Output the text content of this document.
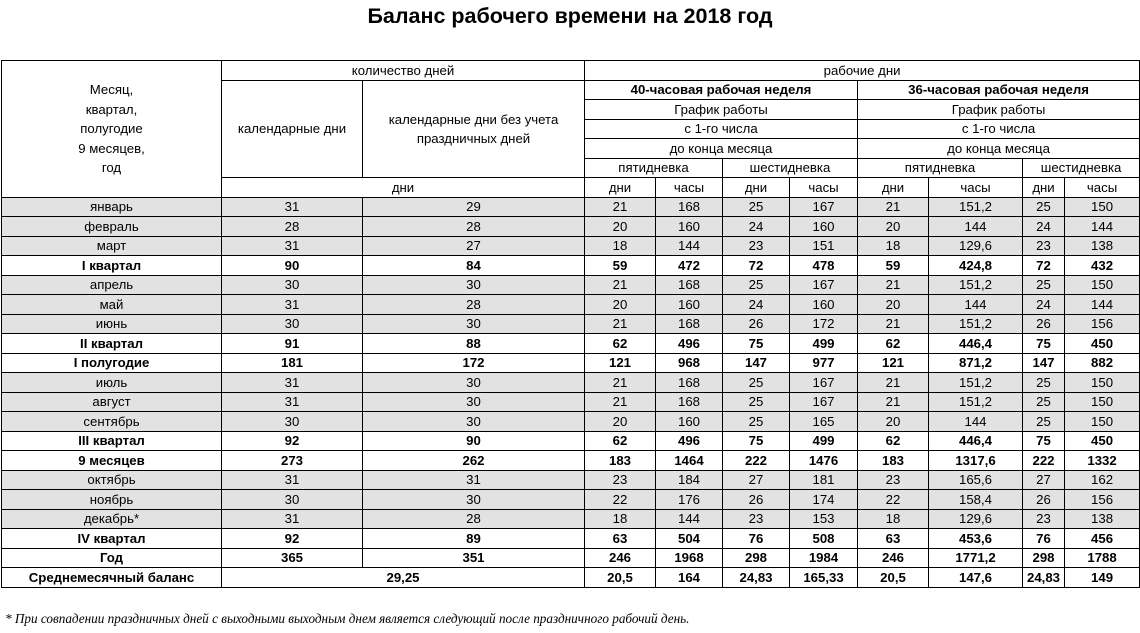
Баланс рабочего времени на 2018 год
	количество дней		рабочие дни							
Месяц,	календарные дни	календарные дни без учета праздничных дней	40-часовая рабочая неделя				36-часовая рабочая неделя			
квартал,			График работы				График работы			
полугодие			с 1-го числа				с 1-го числа			
9 месяцев,			до конца месяца				до конца месяца			
год			пятидневка		шестидневка		пятидневка		шестидневка	
	дни		дни	часы	дни	часы	дни	часы	дни	часы
январь	31	29	21	168	25	167	21	151,2	25	150
февраль	28	28	20	160	24	160	20	144	24	144
март	31	27	18	144	23	151	18	129,6	23	138
I квартал	90	84	59	472	72	478	59	424,8	72	432
апрель	30	30	21	168	25	167	21	151,2	25	150
май	31	28	20	160	24	160	20	144	24	144
июнь	30	30	21	168	26	172	21	151,2	26	156
II квартал	91	88	62	496	75	499	62	446,4	75	450
I полугодие	181	172	121	968	147	977	121	871,2	147	882
июль	31	30	21	168	25	167	21	151,2	25	150
август	31	30	21	168	25	167	21	151,2	25	150
сентябрь	30	30	20	160	25	165	20	144	25	150
III квартал	92	90	62	496	75	499	62	446,4	75	450
9 месяцев	273	262	183	1464	222	1476	183	1317,6	222	1332
октябрь	31	31	23	184	27	181	23	165,6	27	162
ноябрь	30	30	22	176	26	174	22	158,4	26	156
декабрь*	31	28	18	144	23	153	18	129,6	23	138
IV квартал	92	89	63	504	76	508	63	453,6	76	456
Год	365	351	246	1968	298	1984	246	1771,2	298	1788
Среднемесячный баланс	29,25		20,5	164	24,83	165,33	20,5	147,6	24,83	149
* При совпадении праздничных дней с выходными выходным днем является следующий после праздничного рабочий день.
